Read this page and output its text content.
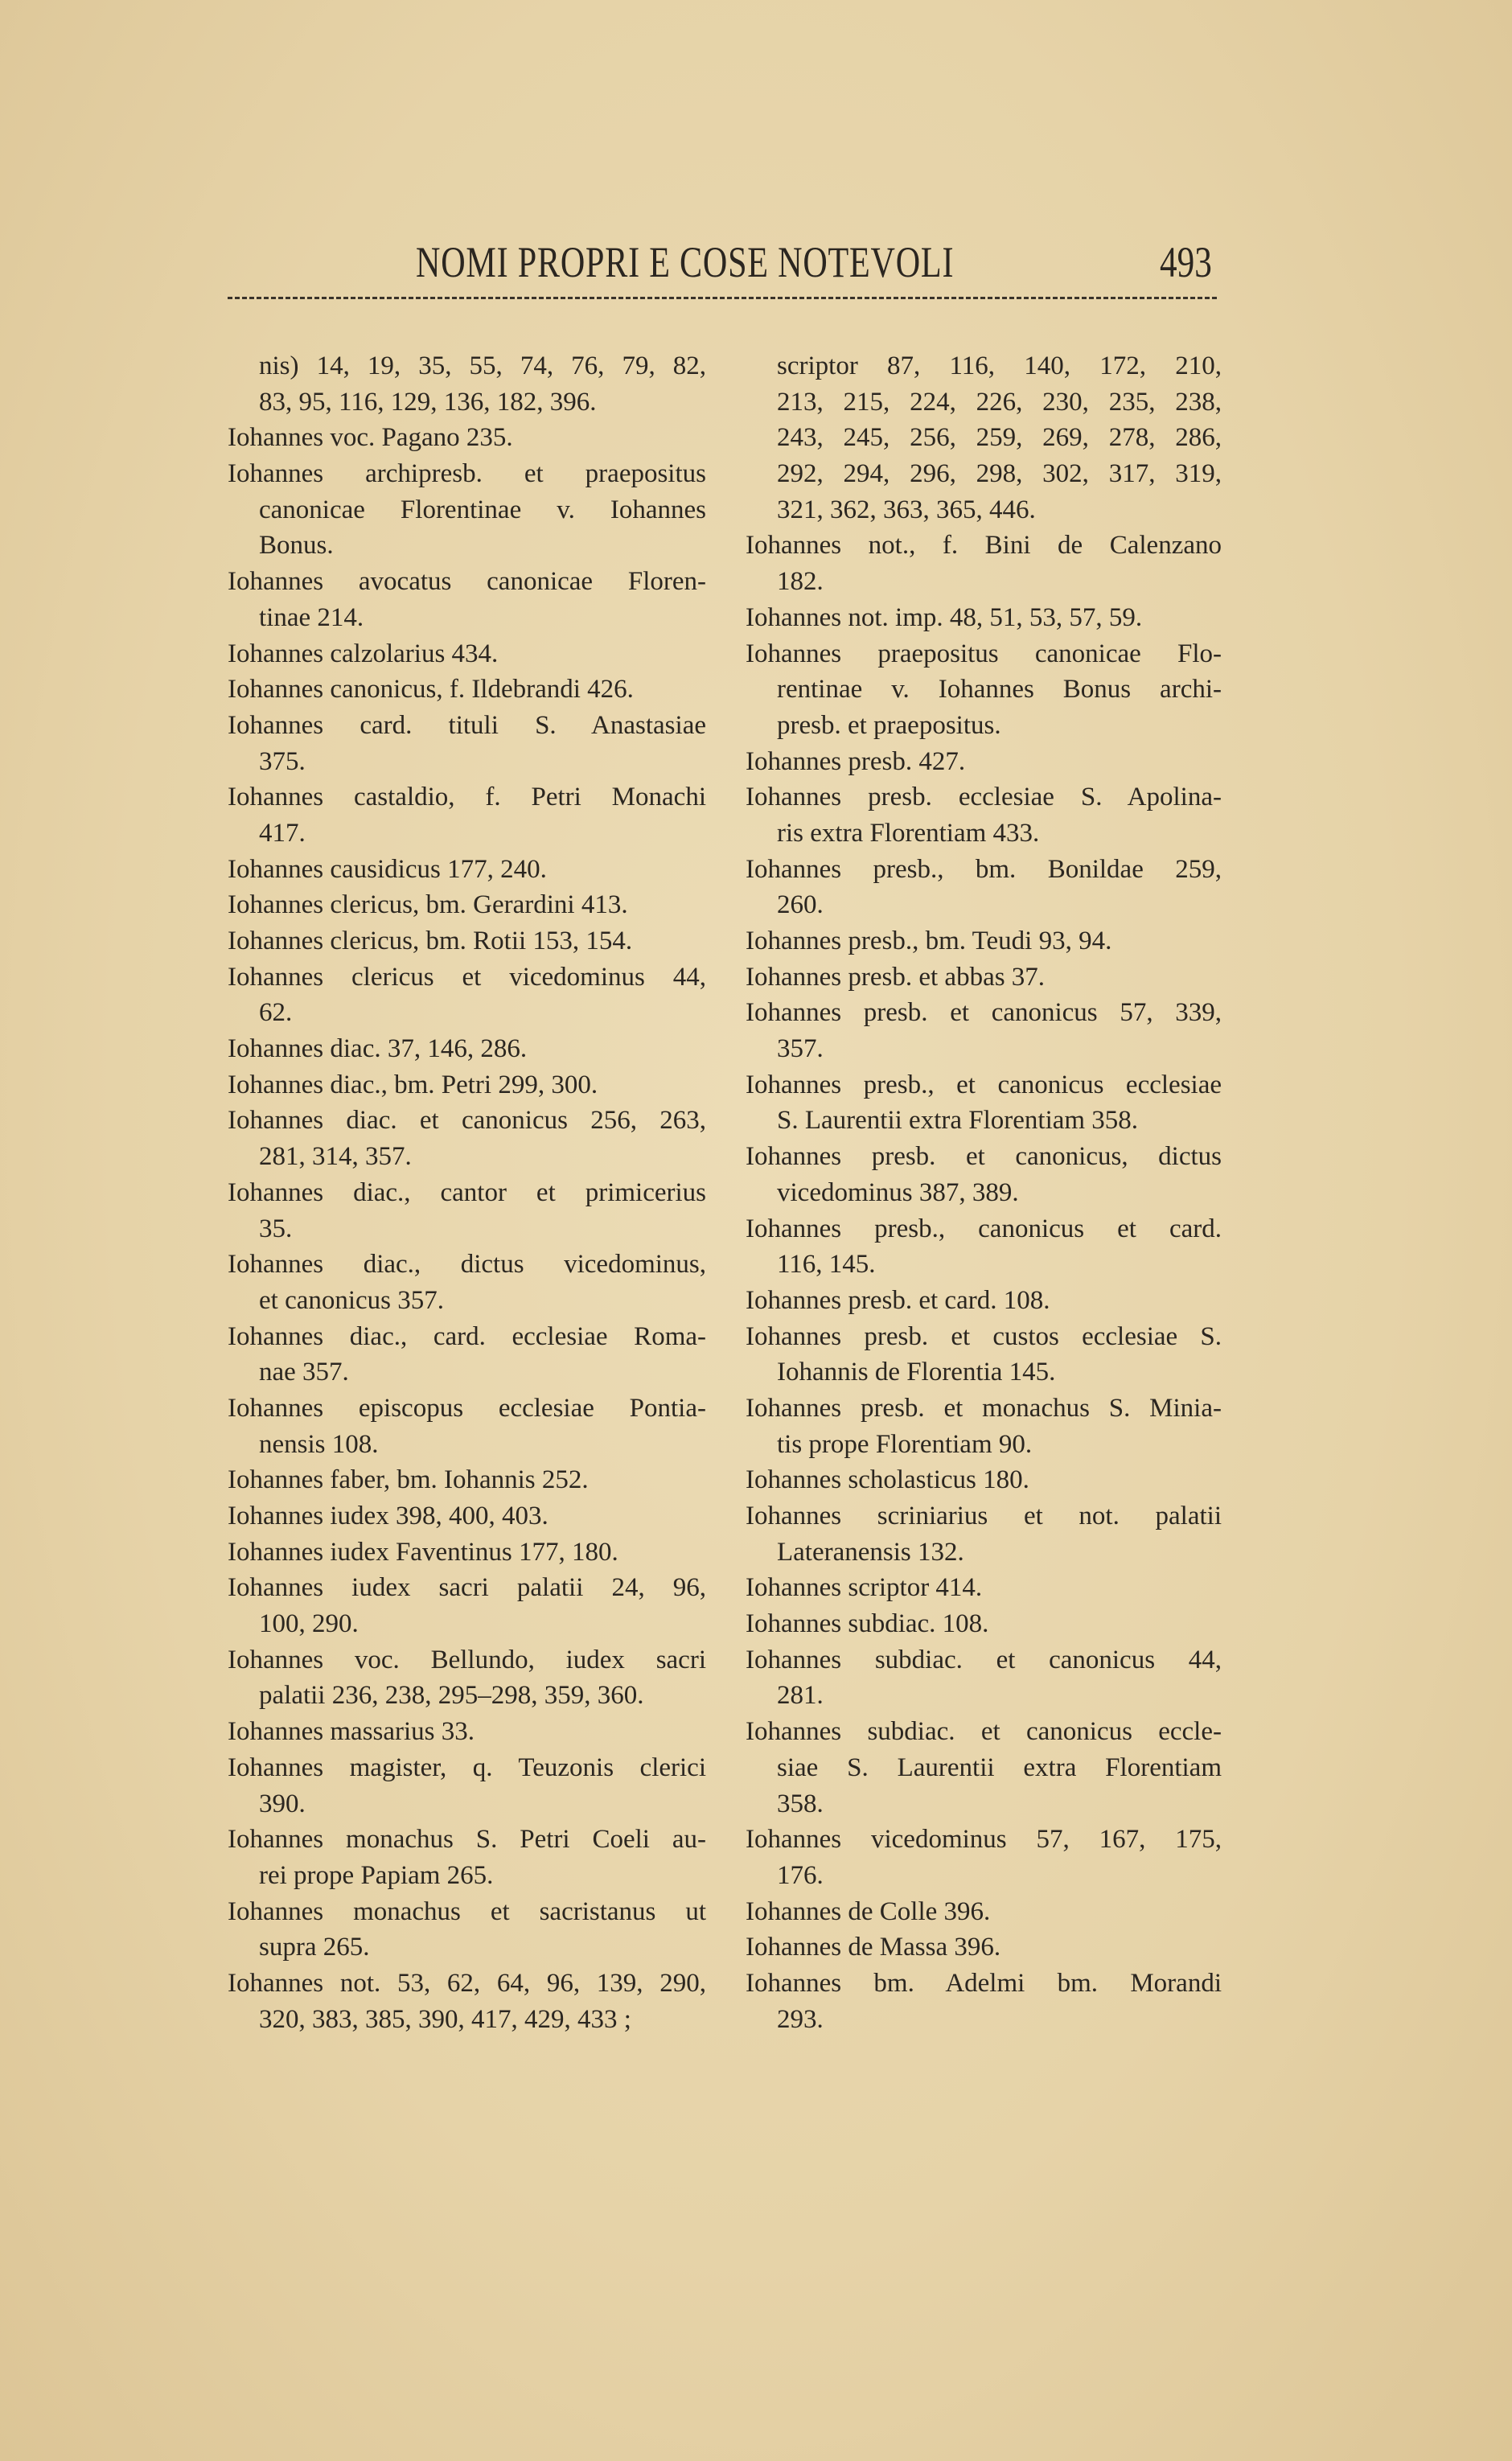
NOMI PROPRI E COSE NOTEVOLI	493
nis) 14, 19, 35, 55, 74, 76, 79, 82,
83, 95, 116, 129, 136, 182, 396.
Iohannes voc. Pagano 235.
Iohannes archipresb. et praepositus
canonicae Florentinae v. Iohannes
Bonus.
Iohannes avocatus canonicae Floren-
tinae 214.
Iohannes calzolarius 434.
Iohannes canonicus, f. Ildebrandi 426.
Iohannes card. tituli S. Anastasiae
375.
Iohannes castaldio, f. Petri Monachi
417.
Iohannes causidicus 177, 240.
Iohannes clericus, bm. Gerardini 413.
Iohannes clericus, bm. Rotii 153, 154.
Iohannes clericus et vicedominus 44,
62.
Iohannes diac. 37, 146, 286.
Iohannes diac., bm. Petri 299, 300.
Iohannes diac. et canonicus 256, 263,
281, 314, 357.
Iohannes diac., cantor et primicerius
35.
Iohannes diac., dictus vicedominus,
et canonicus 357.
Iohannes diac., card. ecclesiae Roma-
nae 357.
Iohannes episcopus ecclesiae Pontia-
nensis 108.
Iohannes faber, bm. Iohannis 252.
Iohannes iudex 398, 400, 403.
Iohannes iudex Faventinus 177, 180.
Iohannes iudex sacri palatii 24, 96,
100, 290.
Iohannes voc. Bellundo, iudex sacri
palatii 236, 238, 295–298, 359, 360.
Iohannes massarius 33.
Iohannes magister, q. Teuzonis clerici
390.
Iohannes monachus S. Petri Coeli au-
rei prope Papiam 265.
Iohannes monachus et sacristanus ut
supra 265.
Iohannes not. 53, 62, 64, 96, 139, 290,
320, 383, 385, 390, 417, 429, 433 ;
scriptor 87, 116, 140, 172, 210,
213, 215, 224, 226, 230, 235, 238,
243, 245, 256, 259, 269, 278, 286,
292, 294, 296, 298, 302, 317, 319,
321, 362, 363, 365, 446.
Iohannes not., f. Bini de Calenzano
182.
Iohannes not. imp. 48, 51, 53, 57, 59.
Iohannes praepositus canonicae Flo-
rentinae v. Iohannes Bonus archi-
presb. et praepositus.
Iohannes presb. 427.
Iohannes presb. ecclesiae S. Apolina-
ris extra Florentiam 433.
Iohannes presb., bm. Bonildae 259,
260.
Iohannes presb., bm. Teudi 93, 94.
Iohannes presb. et abbas 37.
Iohannes presb. et canonicus 57, 339,
357.
Iohannes presb., et canonicus ecclesiae
S. Laurentii extra Florentiam 358.
Iohannes presb. et canonicus, dictus
vicedominus 387, 389.
Iohannes presb., canonicus et card.
116, 145.
Iohannes presb. et card. 108.
Iohannes presb. et custos ecclesiae S.
Iohannis de Florentia 145.
Iohannes presb. et monachus S. Minia-
tis prope Florentiam 90.
Iohannes scholasticus 180.
Iohannes scriniarius et not. palatii
Lateranensis 132.
Iohannes scriptor 414.
Iohannes subdiac. 108.
Iohannes subdiac. et canonicus 44,
281.
Iohannes subdiac. et canonicus eccle-
siae S. Laurentii extra Florentiam
358.
Iohannes vicedominus 57, 167, 175,
176.
Iohannes de Colle 396.
Iohannes de Massa 396.
Iohannes bm. Adelmi bm. Morandi
293.
